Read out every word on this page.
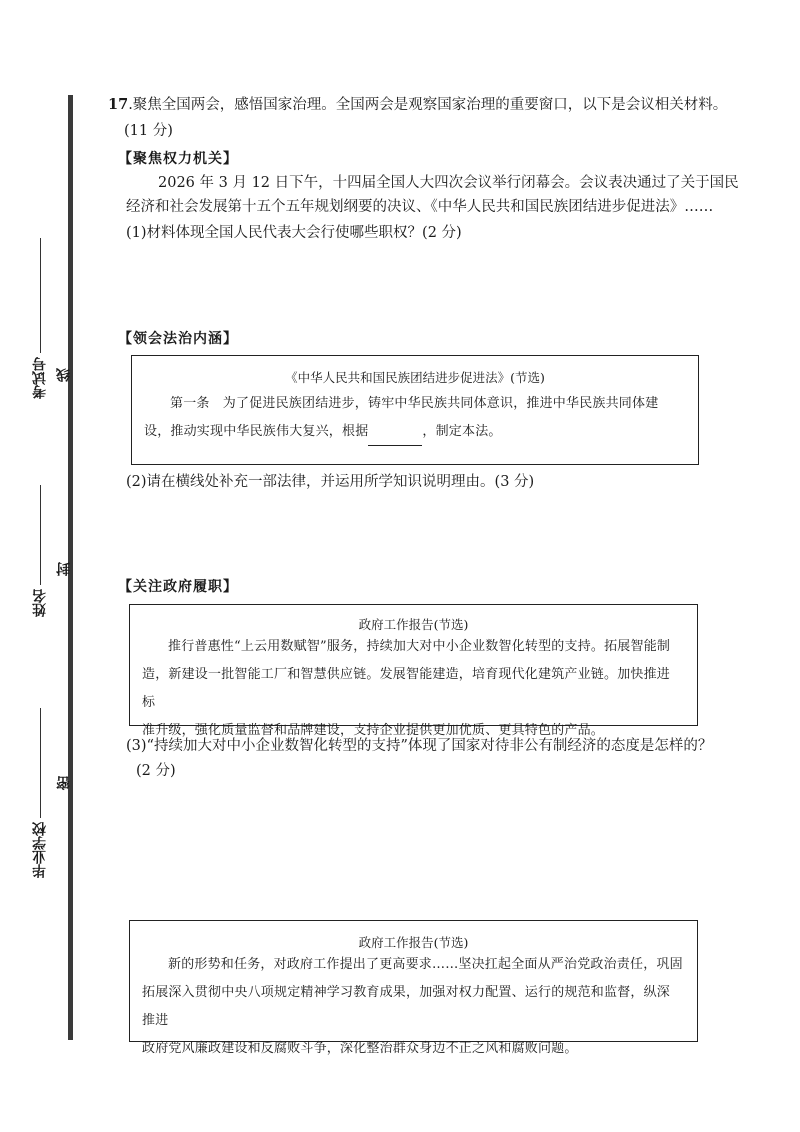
考试号
姓名
毕业学校
线
封
密
17.聚焦全国两会，感悟国家治理。全国两会是观察国家治理的重要窗口，以下是会议相关材料。
(11 分)
【聚焦权力机关】
2026 年 3 月 12 日下午，十四届全国人大四次会议举行闭幕会。会议表决通过了关于国民
经济和社会发展第十五个五年规划纲要的决议、《中华人民共和国民族团结进步促进法》……
(1)材料体现全国人民代表大会行使哪些职权？(2 分)
【领会法治内涵】
《中华人民共和国民族团结进步促进法》(节选)

第一条　为了促进民族团结进步，铸牢中华民族共同体意识，推进中华民族共同体建

设，推动实现中华民族伟大复兴，根据	，制定本法。

(2)请在横线处补充一部法律，并运用所学知识说明理由。(3 分)
【关注政府履职】
政府工作报告(节选)

推行普惠性“上云用数赋智”服务，持续加大对中小企业数智化转型的支持。拓展智能制

造，新建设一批智能工厂和智慧供应链。发展智能建造，培育现代化建筑产业链。加快推进标

准升级，强化质量监督和品牌建设，支持企业提供更加优质、更具特色的产品。

(3)“持续加大对中小企业数智化转型的支持”体现了国家对待非公有制经济的态度是怎样的？
(2 分)
政府工作报告(节选)

新的形势和任务，对政府工作提出了更高要求……坚决扛起全面从严治党政治责任，巩固

拓展深入贯彻中央八项规定精神学习教育成果，加强对权力配置、运行的规范和监督，纵深推进

政府党风廉政建设和反腐败斗争，深化整治群众身边不正之风和腐败问题。
